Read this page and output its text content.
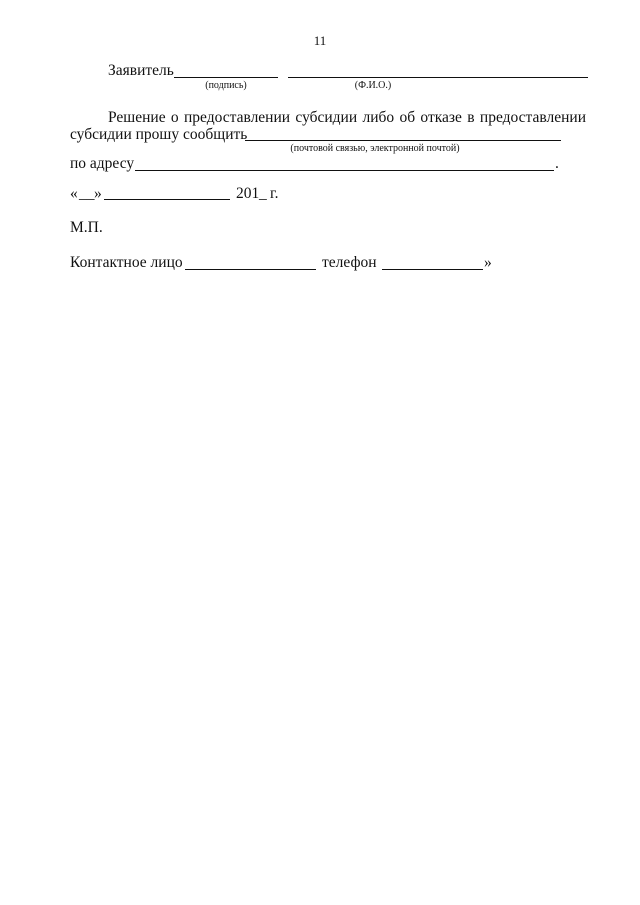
11
Заявитель
(подпись)	(Ф.И.О.)
Решение о предоставлении субсидии либо об отказе в предоставлении
субсидии прошу сообщить
(почтовой связью, электронной почтой)
по адресу	.
« __ »	201 _ г.
М.П.
Контактное лицо	телефон	»
